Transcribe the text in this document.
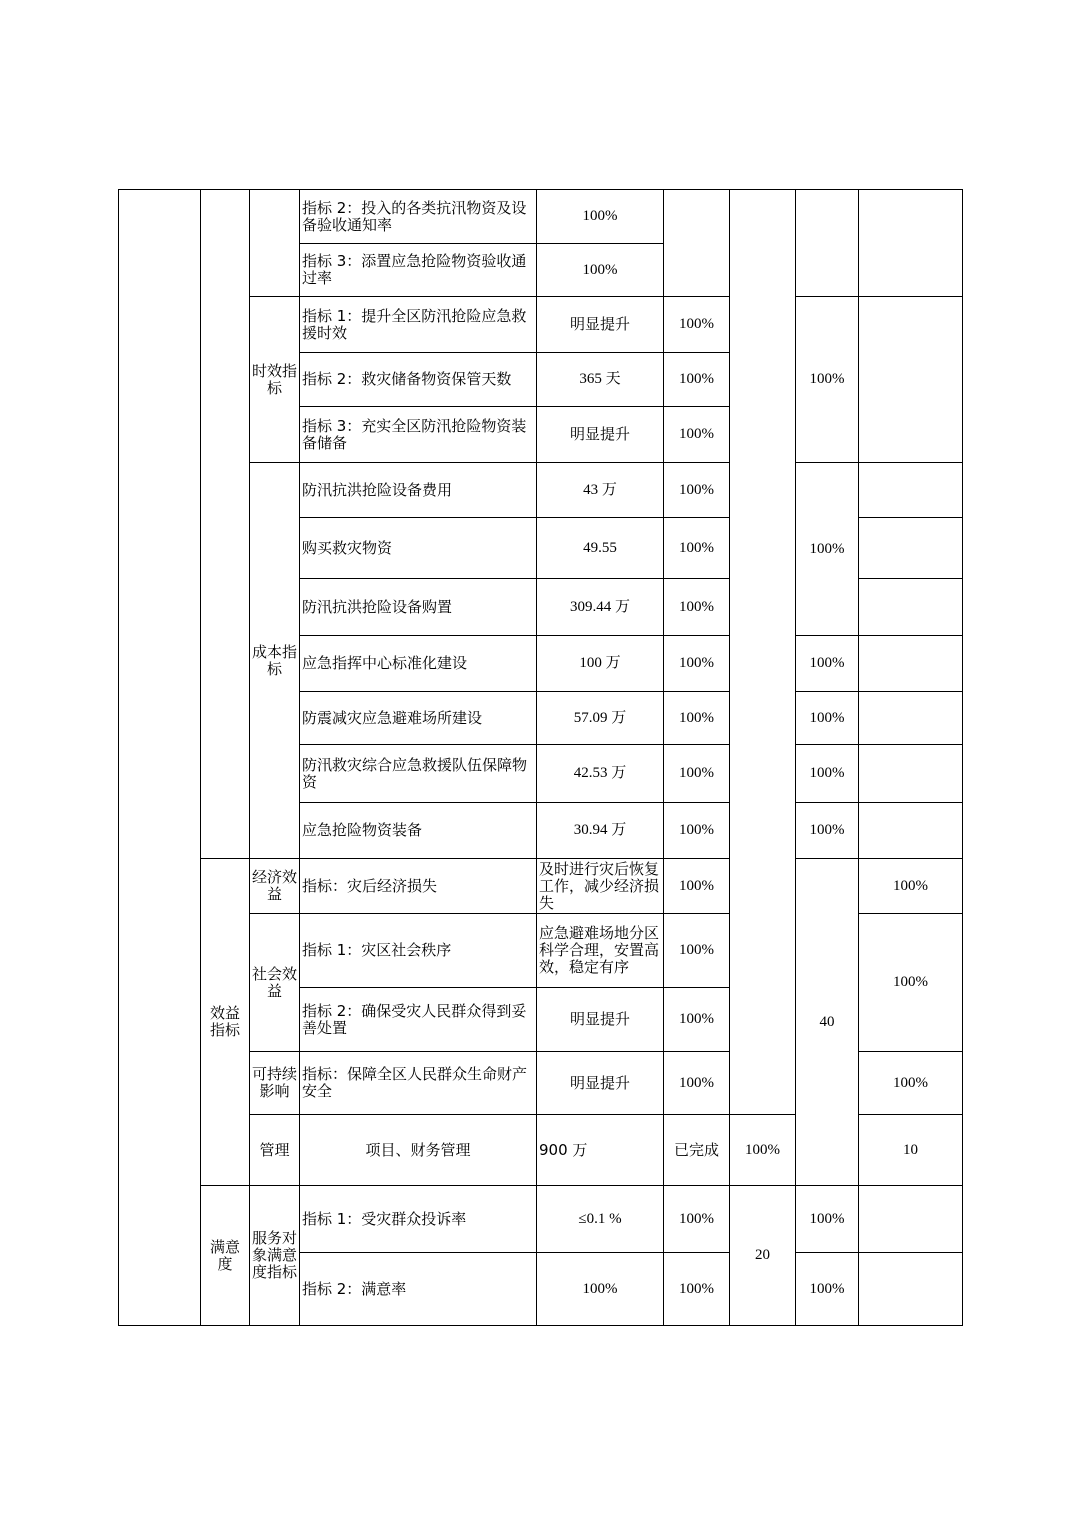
			指标 2：投入的各类抗汛物资及设备验收通知率	100%					
			指标 3：添置应急抢险物资验收通过率	100%					
		时效指标	指标 1：提升全区防汛抢险应急救援时效	明显提升	100%		100%		
			指标 2：救灾储备物资保管天数	365 天	100%				
			指标 3：充实全区防汛抢险物资装备储备	明显提升	100%				
		成本指标	防汛抗洪抢险设备费用	43 万	100%		100%		
			购买救灾物资	49.55	100%				
			防汛抗洪抢险设备购置	309.44 万	100%				
			应急指挥中心标准化建设	100 万	100%		100%		
			防震减灾应急避难场所建设	57.09 万	100%		100%		
			防汛救灾综合应急救援队伍保障物资	42.53 万	100%		100%		
			应急抢险物资装备	30.94 万	100%		100%		
	效益指标	经济效益	指标：灾后经济损失	及时进行灾后恢复工作，减少经济损失	100%		40	100%	
		社会效益	指标 1：灾区社会秩序	应急避难场地分区科学合理，安置高效，稳定有序	100%			100%	
			指标 2：确保受灾人民群众得到妥善处置	明显提升	100%				
		可持续影响	指标：保障全区人民群众生命财产安全	明显提升	100%			100%	
		管理	项目、财务管理	900 万	已完成	100%		10		
	满意度	服务对象满意度指标	指标 1：受灾群众投诉率	≤0.1 %	100%	20	100%		
			指标 2：满意率	100%	100%		100%		
